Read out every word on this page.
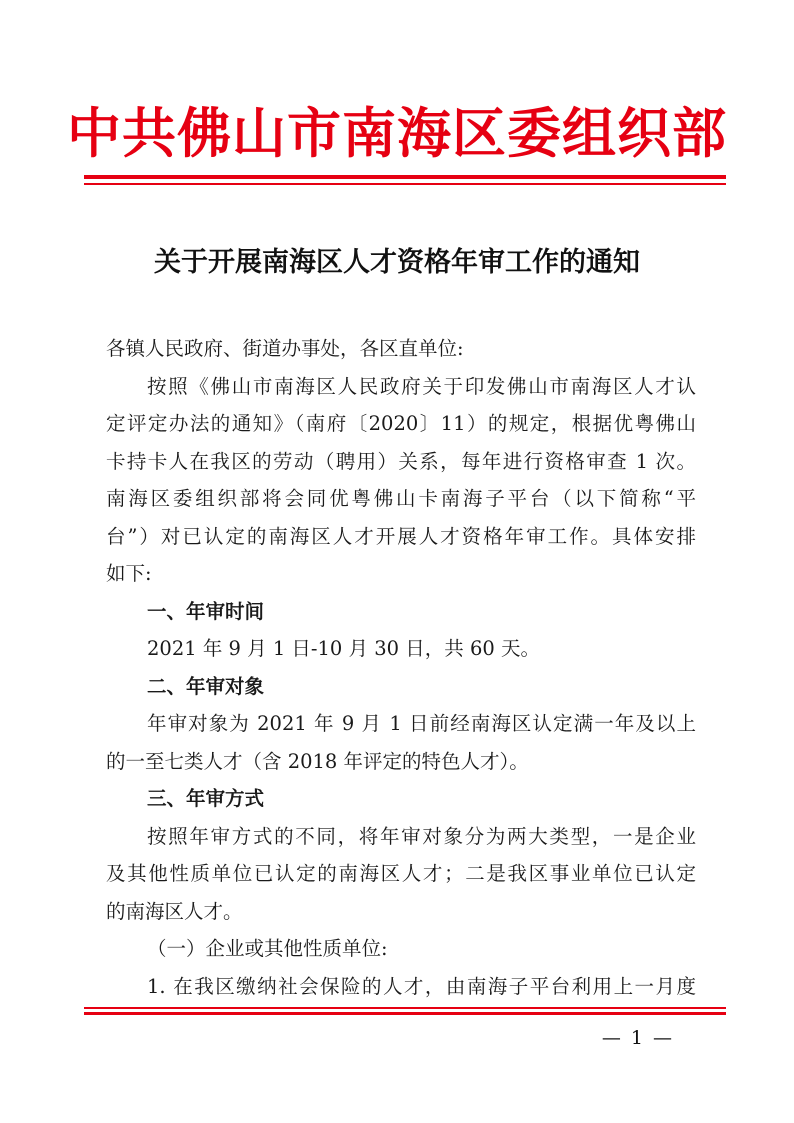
中共佛山市南海区委组织部
关于开展南海区人才资格年审工作的通知
各镇人民政府、街道办事处，各区直单位:
按照《佛山市南海区人民政府关于印发佛山市南海区人才认
定评定办法的通知》（南府〔2020〕11）的规定，根据优粤佛山
卡持卡人在我区的劳动（聘用）关系，每年进行资格审查 1 次。
南海区委组织部将会同优粤佛山卡南海子平台（以下简称“平
台”）对已认定的南海区人才开展人才资格年审工作。具体安排
如下:
一、年审时间
2021 年 9 月 1 日-10 月 30 日，共 60 天。
二、年审对象
年审对象为 2021 年 9 月 1 日前经南海区认定满一年及以上
的一至七类人才（含 2018 年评定的特色人才）。
三、年审方式
按照年审方式的不同，将年审对象分为两大类型，一是企业
及其他性质单位已认定的南海区人才；二是我区事业单位已认定
的南海区人才。
（一）企业或其他性质单位:
1. 在我区缴纳社会保险的人才，由南海子平台利用上一月度
— 1 —
